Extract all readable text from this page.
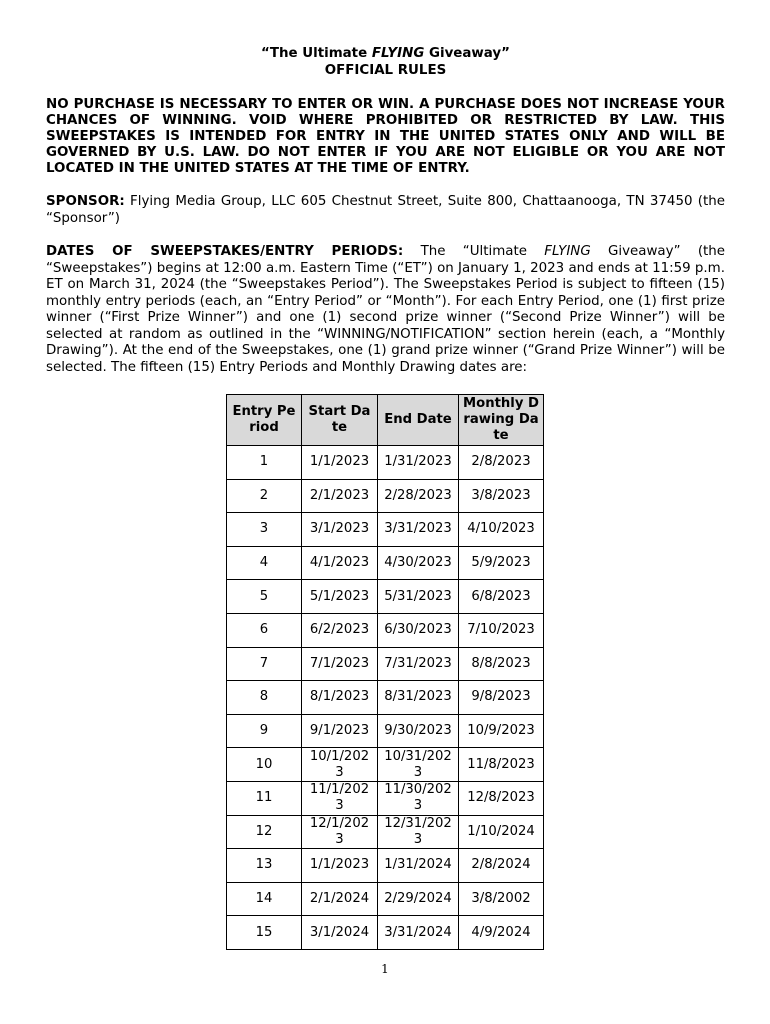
“The Ultimate FLYING Giveaway”
OFFICIAL RULES
NO PURCHASE IS NECESSARY TO ENTER OR WIN. A PURCHASE DOES NOT INCREASE YOUR CHANCES OF WINNING. VOID WHERE PROHIBITED OR RESTRICTED BY LAW. THIS SWEEPSTAKES IS INTENDED FOR ENTRY IN THE UNITED STATES ONLY AND WILL BE GOVERNED BY U.S. LAW. DO NOT ENTER IF YOU ARE NOT ELIGIBLE OR YOU ARE NOT LOCATED IN THE UNITED STATES AT THE TIME OF ENTRY.
SPONSOR: Flying Media Group, LLC 605 Chestnut Street, Suite 800, Chattaanooga, TN 37450 (the “Sponsor”)
DATES OF SWEEPSTAKES/ENTRY PERIODS: The “Ultimate FLYING Giveaway” (the “Sweepstakes”) begins at 12:00 a.m. Eastern Time (“ET”) on January 1, 2023 and ends at 11:59 p.m. ET on March 31, 2024 (the “Sweepstakes Period”). The Sweepstakes Period is subject to fifteen (15) monthly entry periods (each, an “Entry Period” or “Month”). For each Entry Period, one (1) first prize winner (“First Prize Winner”) and one (1) second prize winner (“Second Prize Winner”) will be selected at random as outlined in the “WINNING/NOTIFICATION” section herein (each, a “Monthly Drawing”). At the end of the Sweepstakes, one (1) grand prize winner (“Grand Prize Winner”) will be selected. The fifteen (15) Entry Periods and Monthly Drawing dates are:
Entry Period	Start Date	End Date	Monthly Drawing Date

1	1/1/2023	1/31/2023	2/8/2023

2	2/1/2023	2/28/2023	3/8/2023

3	3/1/2023	3/31/2023	4/10/2023

4	4/1/2023	4/30/2023	5/9/2023

5	5/1/2023	5/31/2023	6/8/2023

6	6/2/2023	6/30/2023	7/10/2023

7	7/1/2023	7/31/2023	8/8/2023

8	8/1/2023	8/31/2023	9/8/2023

9	9/1/2023	9/30/2023	10/9/2023

10	10/1/2023	10/31/2023	11/8/2023

11	11/1/2023	11/30/2023	12/8/2023

12	12/1/2023	12/31/2023	1/10/2024

13	1/1/2023	1/31/2024	2/8/2024

14	2/1/2024	2/29/2024	3/8/2002

15	3/1/2024	3/31/2024	4/9/2024
1
